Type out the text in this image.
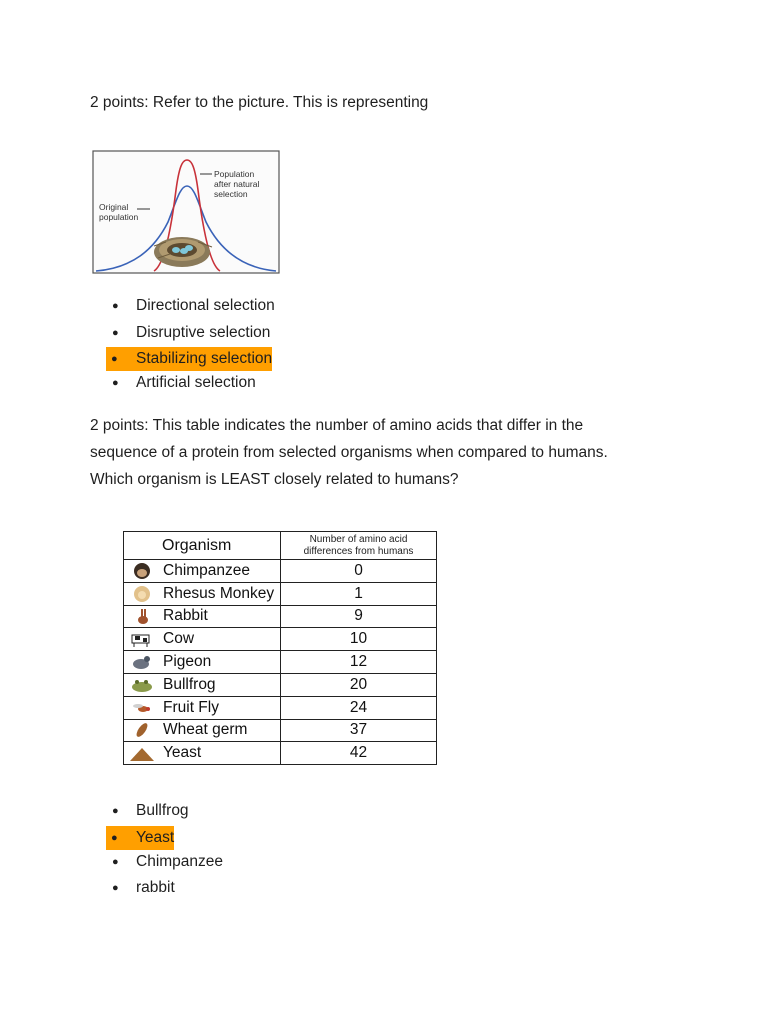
2 points: Refer to the picture. This is representing
Population after natural selection Original population
● Directional selection
● Disruptive selection
● Stabilizing selection
● Artificial selection

2 points: This table indicates the number of amino acids that differ in the

sequence of a protein from selected organisms when compared to humans.

Which organism is LEAST closely related to humans?

Organism	Number of amino acid
differences from humans

Chimpanzee	0

Rhesus Monkey	1

Rabbit	9

Cow	10

Pigeon	12

Bullfrog	20

Fruit Fly	24

Wheat germ	37

Yeast	42
● Bullfrog
● Yeast
● Chimpanzee
● rabbit
